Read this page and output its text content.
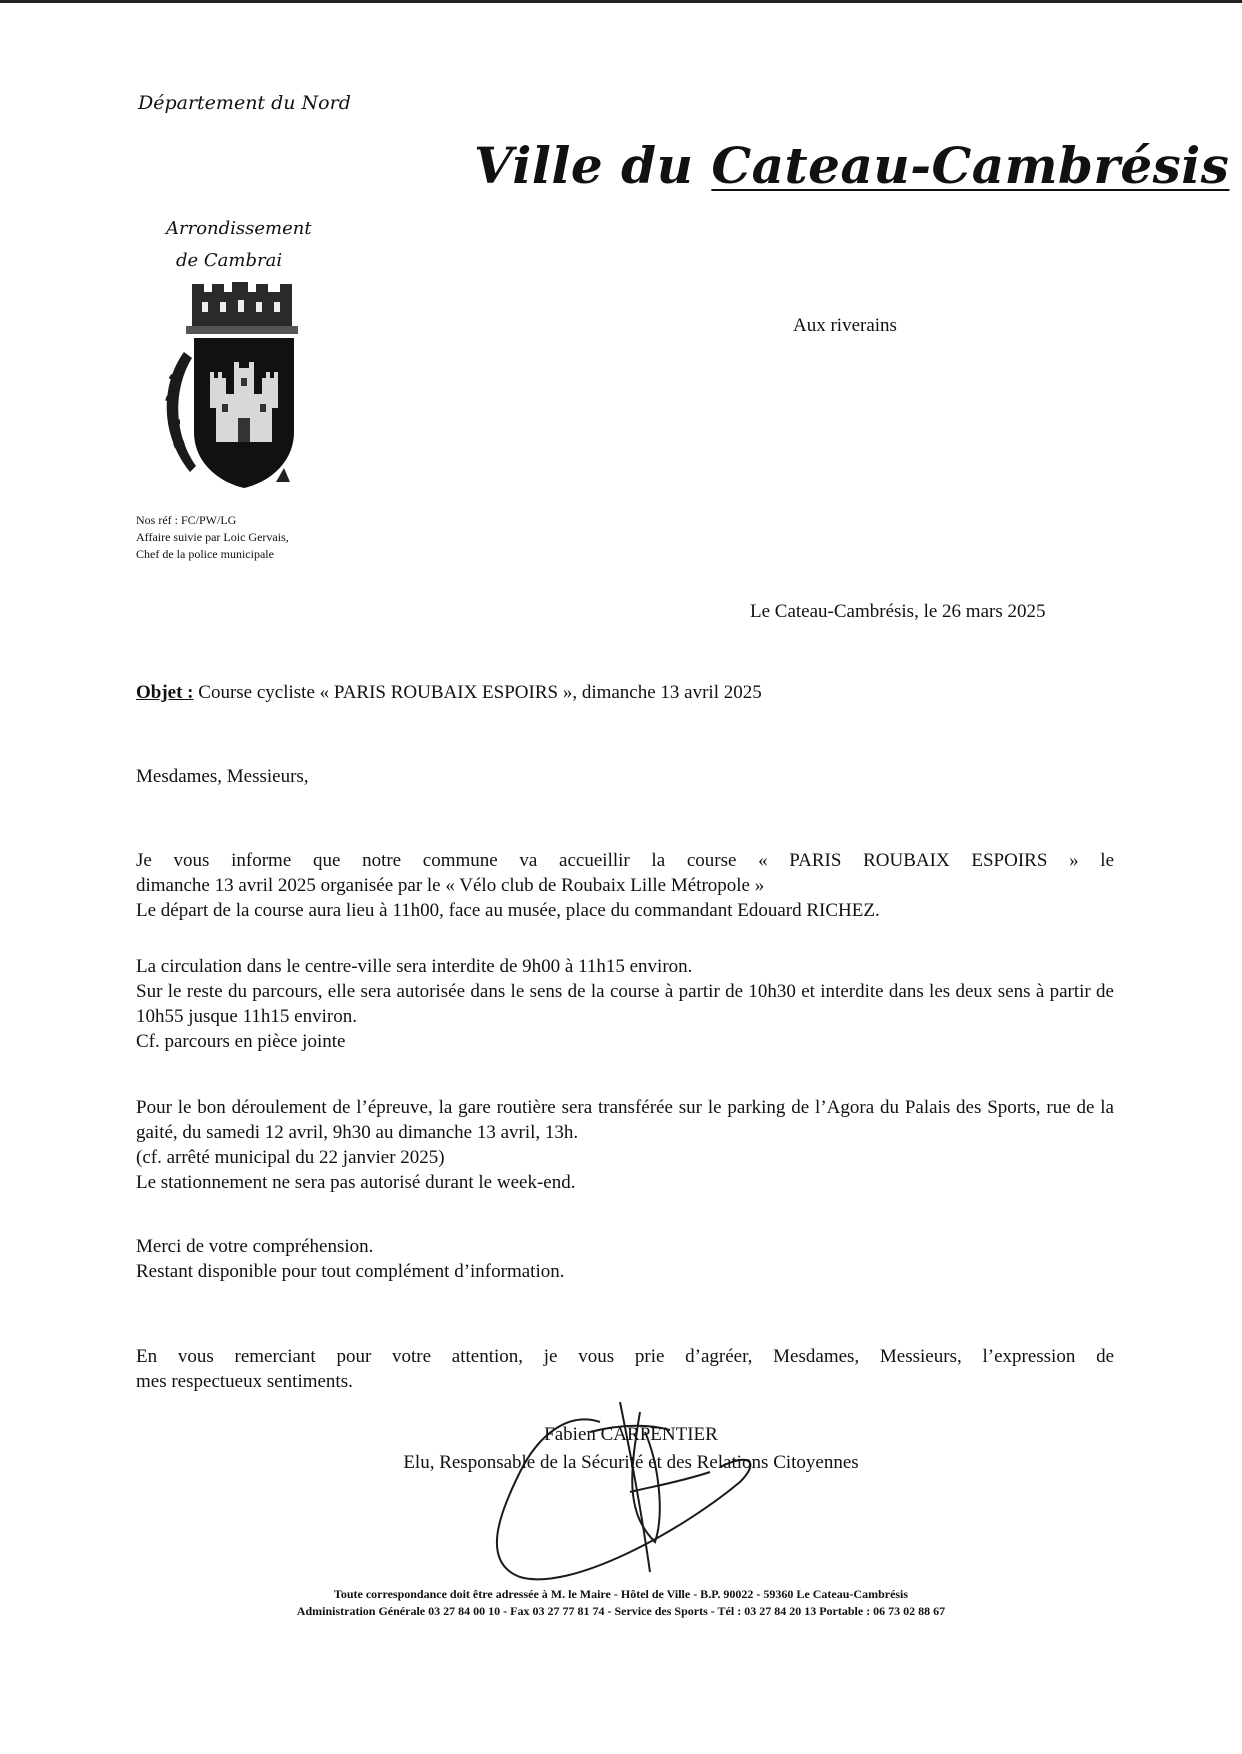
Département du Nord
Ville du Cateau-Cambrésis
Arrondissement
de Cambrai
Nos réf : FC/PW/LG
Affaire suivie par Loic Gervais,
Chef de la police municipale
Aux riverains
Le Cateau-Cambrésis, le 26 mars 2025
Objet : Course cycliste « PARIS ROUBAIX ESPOIRS », dimanche 13 avril 2025
Mesdames, Messieurs,

Je vous informe que notre commune va accueillir la course « PARIS ROUBAIX ESPOIRS » le

dimanche 13 avril 2025 organisée par le « Vélo club de Roubaix Lille Métropole »

Le départ de la course aura lieu à 11h00, face au musée, place du commandant Edouard RICHEZ.

La circulation dans le centre-ville sera interdite de 9h00 à 11h15 environ.

Sur le reste du parcours, elle sera autorisée dans le sens de la course à partir de 10h30 et interdite dans les deux sens à partir de 10h55 jusque 11h15 environ.

Cf. parcours en pièce jointe

Pour le bon déroulement de l’épreuve, la gare routière sera transférée sur le parking de l’Agora du Palais des Sports, rue de la gaité, du samedi 12 avril, 9h30 au dimanche 13 avril, 13h.

(cf. arrêté municipal du 22 janvier 2025)

Le stationnement ne sera pas autorisé durant le week-end.

Merci de votre compréhension.

Restant disponible pour tout complément d’information.

En vous remerciant pour votre attention, je vous prie d’agréer, Mesdames, Messieurs, l’expression de

mes respectueux sentiments.

Fabien CARPENTIER
Elu, Responsable de la Sécurité et des Relations Citoyennes
Toute correspondance doit être adressée à M. le Maire - Hôtel de Ville - B.P. 90022 - 59360 Le Cateau-Cambrésis
Administration Générale 03 27 84 00 10 - Fax 03 27 77 81 74 - Service des Sports - Tél : 03 27 84 20 13 Portable : 06 73 02 88 67
